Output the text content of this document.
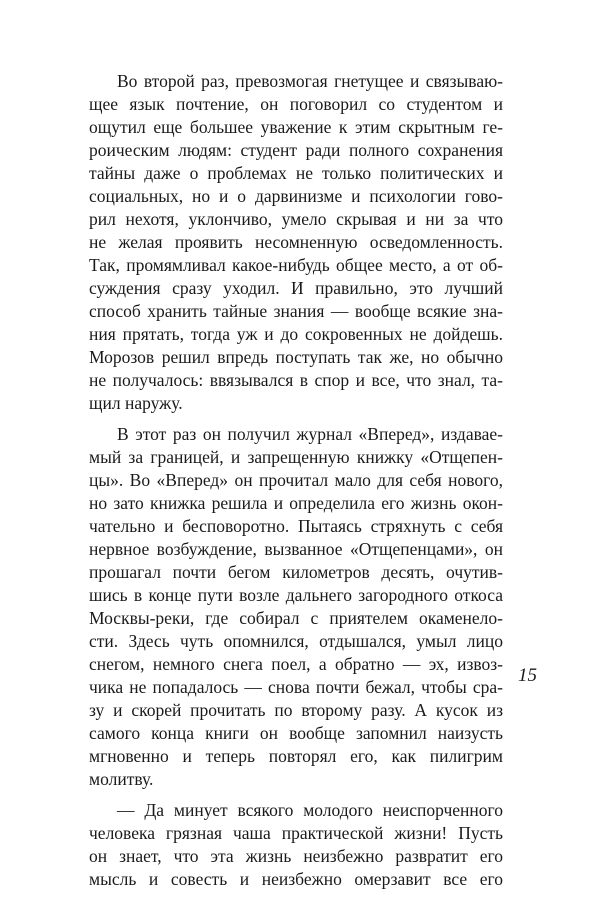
Во второй раз, превозмогая гнетущее и связываю-
щее язык почтение, он поговорил со студентом и
ощутил еще большее уважение к этим скрытным ге-
роическим людям: студент ради полного сохранения
тайны даже о проблемах не только политических и
социальных, но и о дарвинизме и психологии гово-
рил нехотя, уклончиво, умело скрывая и ни за что
не желая проявить несомненную осведомленность.
Так, промямливал какое-нибудь общее место, а от об-
суждения сразу уходил. И правильно, это лучший
способ хранить тайные знания — вообще всякие зна-
ния прятать, тогда уж и до сокровенных не дойдешь.
Морозов решил впредь поступать так же, но обычно
не получалось: ввязывался в спор и все, что знал, та-
щил наружу.
В этот раз он получил журнал «Вперед», издавае-
мый за границей, и запрещенную книжку «Отщепен-
цы». Во «Вперед» он прочитал мало для себя нового,
но зато книжка решила и определила его жизнь окон-
чательно и бесповоротно. Пытаясь стряхнуть с себя
нервное возбуждение, вызванное «Отщепенцами», он
прошагал почти бегом километров десять, очутив-
шись в конце пути возле дальнего загородного откоса
Москвы-реки, где собирал с приятелем окаменело-
сти. Здесь чуть опомнился, отдышался, умыл лицо
снегом, немного снега поел, а обратно — эх, извоз-
чика не попадалось — снова почти бежал, чтобы сра-
зу и скорей прочитать по второму разу. А кусок из
самого конца книги он вообще запомнил наизусть
мгновенно и теперь повторял его, как пилигрим
молитву.
— Да минует всякого молодого неиспорченного
человека грязная чаша практической жизни! Пусть
он знает, что эта жизнь неизбежно развратит его
мысль и совесть и неизбежно омерзавит все его
15
